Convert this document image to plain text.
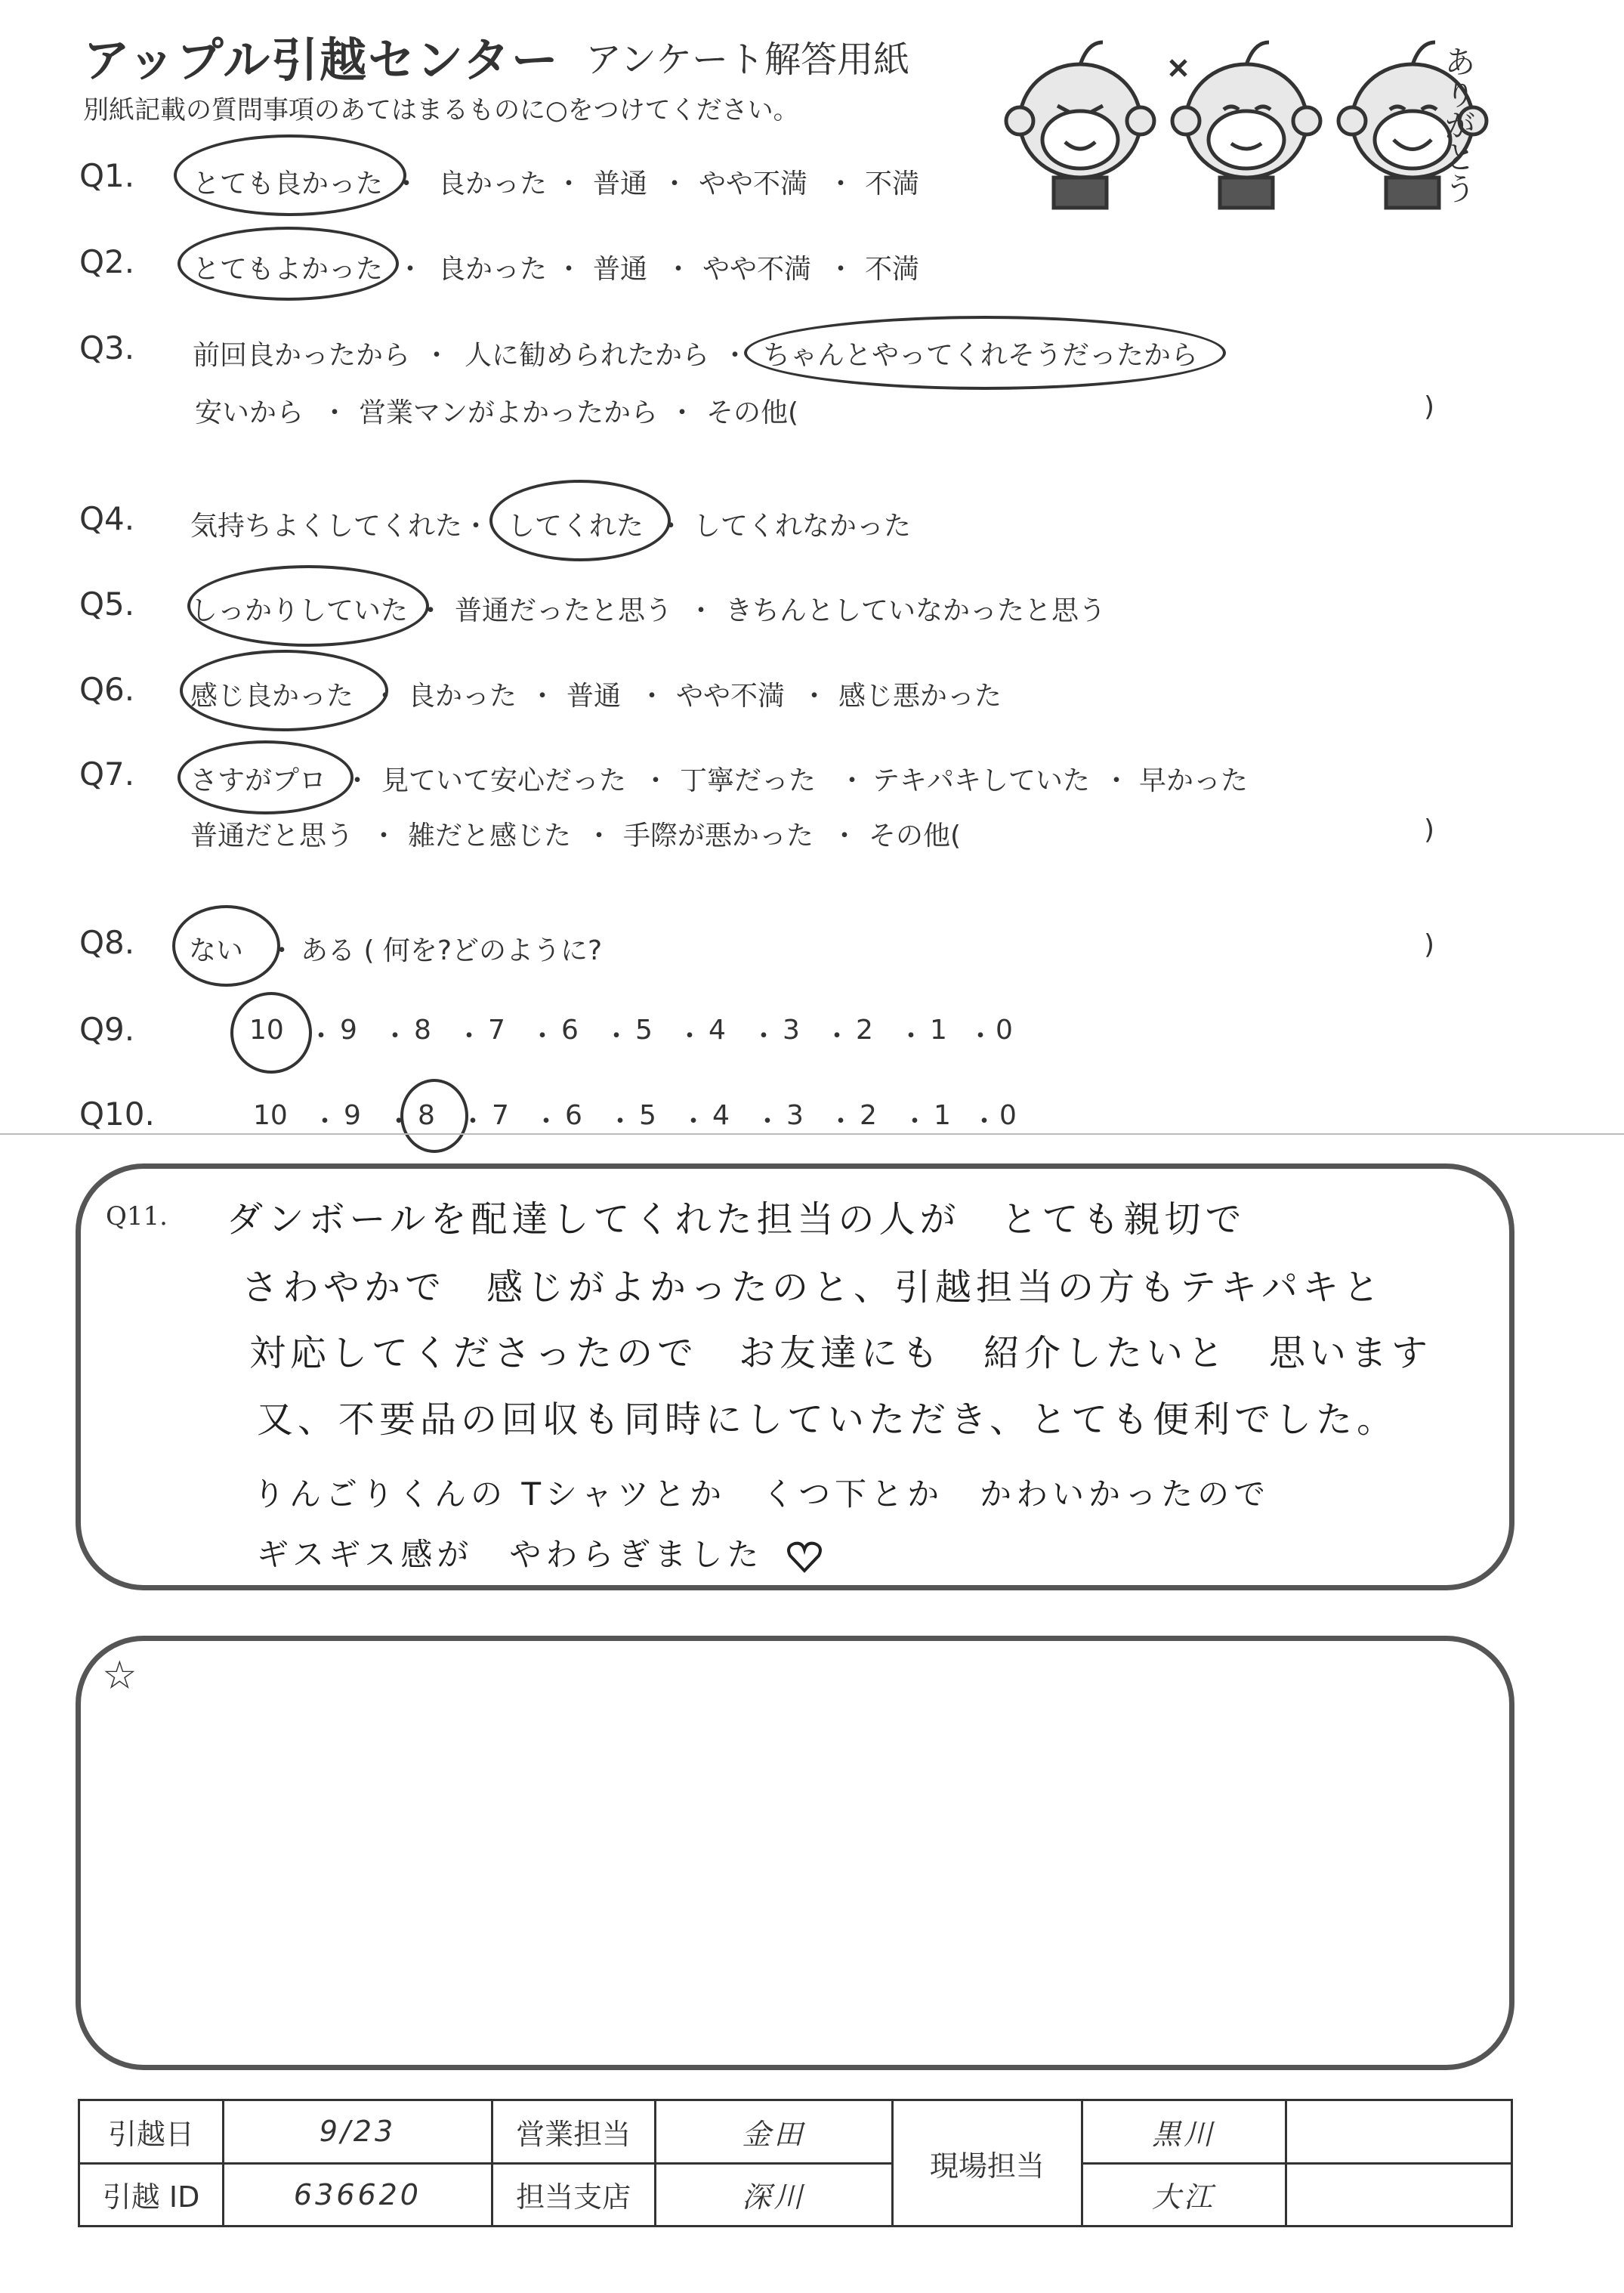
アップル引越センター アンケート解答用紙
別紙記載の質問事項のあてはまるものに○をつけてください。	ありがとう
Q1. とても良かった ・ 良かった ・ 普通 ・ やや不満 ・ 不満
Q2. とてもよかった ・ 良かった ・ 普通 ・ やや不満 ・ 不満
Q3. 前回良かったから ・ 人に勧められたから ・ ちゃんとやってくれそうだったから
安いから ・ 営業マンがよかったから ・ その他(	)
Q4. 気持ちよくしてくれた ・ してくれた ・ してくれなかった
Q5. しっかりしていた ・ 普通だったと思う ・ きちんとしていなかったと思う
Q6. 感じ良かった ・ 良かった ・ 普通 ・ やや不満 ・ 感じ悪かった
Q7. さすがプロ ・ 見ていて安心だった ・ 丁寧だった ・ テキパキしていた ・ 早かった
普通だと思う ・ 雑だと感じた ・ 手際が悪かった ・ その他(	)
Q8. ない ・ ある ( 何を?どのように?	)
Q9.	10 ・ 9 ・ 8 ・ 7 ・ 6 ・ 5 ・ 4 ・ 3 ・ 2 ・ 1 ・ 0
Q10.	10 ・ 9 ・ 8 ・ 7 ・ 6 ・ 5 ・ 4 ・ 3 ・ 2 ・ 1 ・ 0
Q11. ダンボールを配達してくれた担当の人が　とても親切で
さわやかで　感じがよかったのと、引越担当の方もテキパキと
対応してくださったので　お友達にも　紹介したいと　思います
又、不要品の回収も同時にしていただき、とても便利でした。
りんごりくんの Tシャツとか　くつ下とか　かわいかったので
ギスギス感が　やわらぎました
☆
引越日	9/23	営業担当	金田	現場担当	黒川	
引越 ID	636620	担当支店	深川		大江	
